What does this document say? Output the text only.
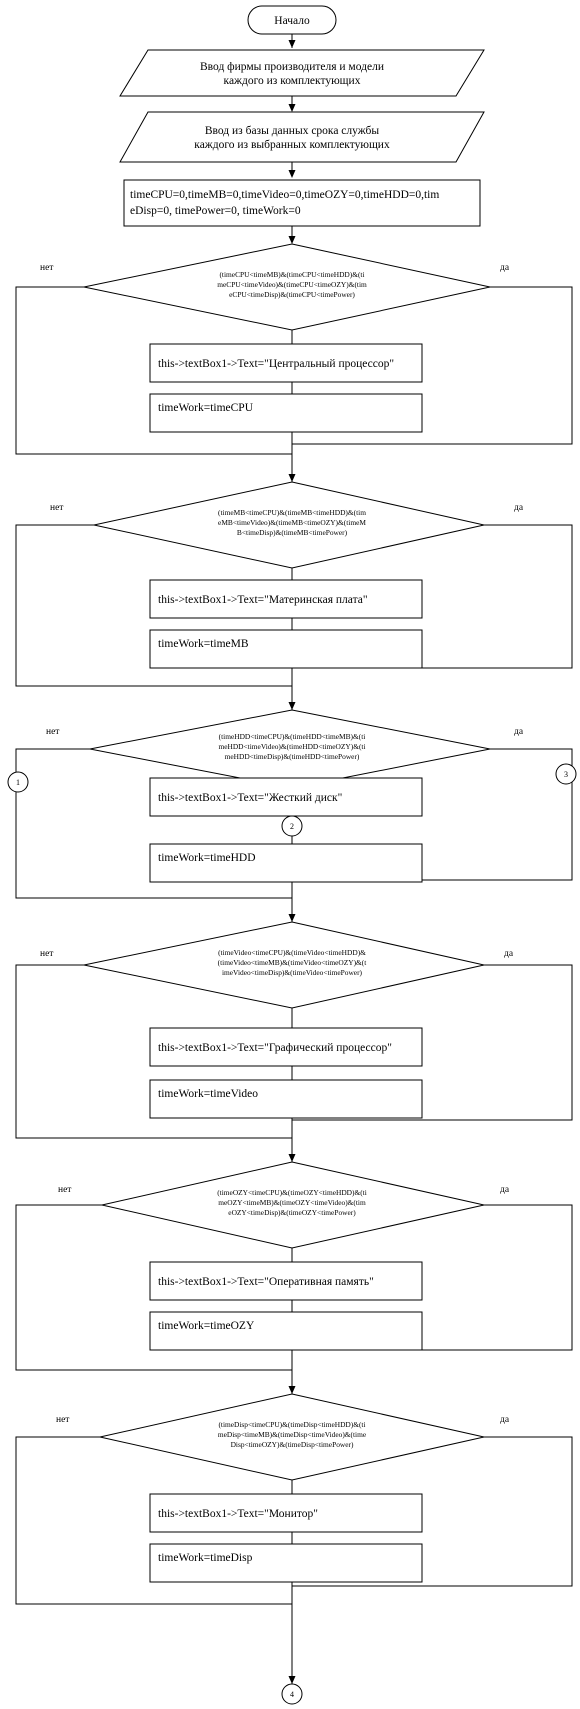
Начало
Ввод фирмы производителя и модели
каждого из комплектующих
Ввод из базы данных срока службы
каждого из выбранных комплектующих
timeCPU=0,timeMB=0,timeVideo=0,timeOZY=0,timeHDD=0,tim
eDisp=0, timePower=0, timeWork=0
(timeCPU<timeMB)&(timeCPU<timeHDD)&(ti
meCPU<timeVideo)&(timeCPU<timeOZY)&(tim
eCPU<timeDisp)&(timeCPU<timePower)
нет	да
this->textBox1->Text="Центральный процессор"
timeWork=timeCPU
(timeMB<timeCPU)&(timeMB<timeHDD)&(tim
eMB<timeVideo)&(timeMB<timeOZY)&(timeM
B<timeDisp)&(timeMB<timePower)
нет	да
this->textBox1->Text="Материнская плата"
timeWork=timeMB
(timeHDD<timeCPU)&(timeHDD<timeMB)&(ti
meHDD<timeVideo)&(timeHDD<timeOZY)&(ti
meHDD<timeDisp)&(timeHDD<timePower)
нет	да
this->textBox1->Text="Жесткий диск"
timeWork=timeHDD
(timeVideo<timeCPU)&(timeVideo<timeHDD)&
(timeVideo<timeMB)&(timeVideo<timeOZY)&(t
imeVideo<timeDisp)&(timeVideo<timePower)
нет	да
this->textBox1->Text="Графический процессор"
timeWork=timeVideo
(timeOZY<timeCPU)&(timeOZY<timeHDD)&(ti
meOZY<timeMB)&(timeOZY<timeVideo)&(tim
eOZY<timeDisp)&(timeOZY<timePower)
нет	да
this->textBox1->Text="Оперативная память"
timeWork=timeOZY
(timeDisp<timeCPU)&(timeDisp<timeHDD)&(ti
meDisp<timeMB)&(timeDisp<timeVideo)&(time
Disp<timeOZY)&(timeDisp<timePower)
нет	да
this->textBox1->Text="Монитор"
timeWork=timeDisp
4
1
2
3
